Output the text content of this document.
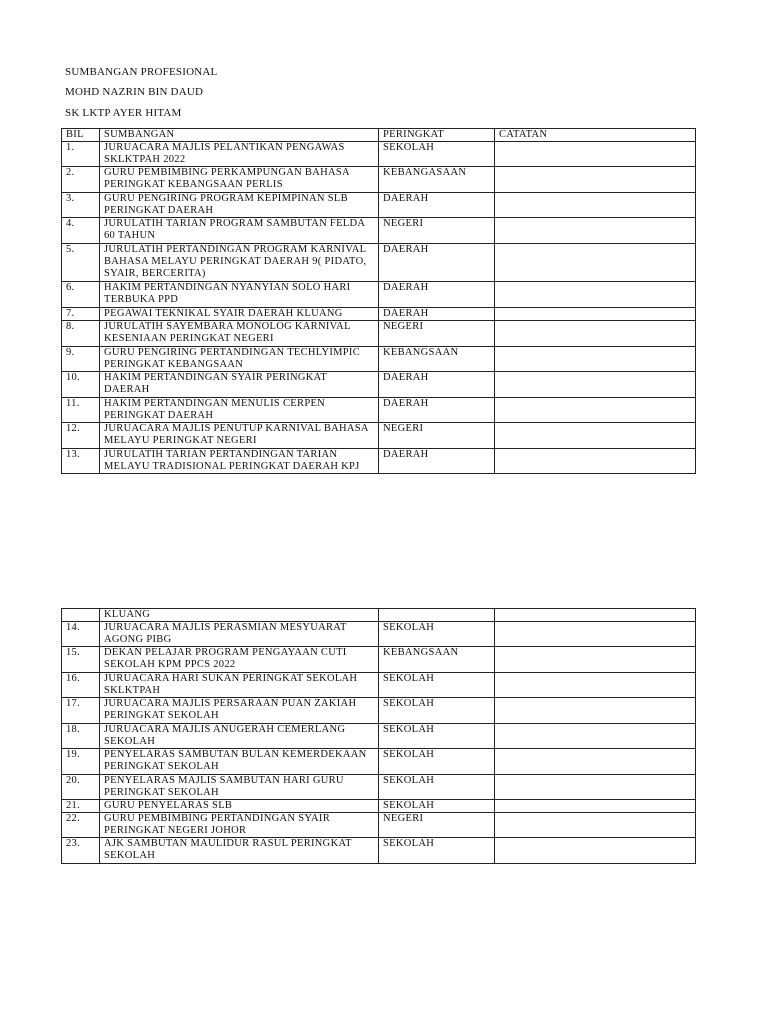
SUMBANGAN PROFESIONAL
MOHD NAZRIN BIN DAUD
SK LKTP AYER HITAM
BIL	SUMBANGAN	PERINGKAT	CATATAN
1.	JURUACARA MAJLIS PELANTIKAN PENGAWAS SKLKTPAH 2022	SEKOLAH	
2.	GURU PEMBIMBING PERKAMPUNGAN BAHASA PERINGKAT KEBANGSAAN PERLIS	KEBANGASAAN	
3.	GURU PENGIRING PROGRAM KEPIMPINAN SLB PERINGKAT DAERAH	DAERAH	
4.	JURULATIH TARIAN PROGRAM SAMBUTAN FELDA 60 TAHUN	NEGERI	
5.	JURULATIH PERTANDINGAN PROGRAM KARNIVAL BAHASA MELAYU PERINGKAT DAERAH 9( PIDATO, SYAIR, BERCERITA)	DAERAH	
6.	HAKIM PERTANDINGAN NYANYIAN SOLO HARI TERBUKA PPD	DAERAH	
7.	PEGAWAI TEKNIKAL SYAIR DAERAH KLUANG	DAERAH	
8.	JURULATIH SAYEMBARA MONOLOG KARNIVAL KESENIAAN PERINGKAT NEGERI	NEGERI	
9.	GURU PENGIRING PERTANDINGAN TECHLYIMPIC PERINGKAT KEBANGSAAN	KEBANGSAAN	
10.	HAKIM PERTANDINGAN SYAIR PERINGKAT DAERAH	DAERAH	
11.	HAKIM PERTANDINGAN MENULIS CERPEN PERINGKAT DAERAH	DAERAH	
12.	JURUACARA MAJLIS PENUTUP KARNIVAL BAHASA MELAYU PERINGKAT NEGERI	NEGERI	
13.	JURULATIH TARIAN PERTANDINGAN TARIAN MELAYU TRADISIONAL PERINGKAT DAERAH KPJ	DAERAH	
	KLUANG		
14.	JURUACARA MAJLIS PERASMIAN MESYUARAT AGONG PIBG	SEKOLAH	
15.	DEKAN PELAJAR PROGRAM PENGAYAAN CUTI SEKOLAH KPM PPCS 2022	KEBANGSAAN	
16.	JURUACARA HARI SUKAN PERINGKAT SEKOLAH SKLKTPAH	SEKOLAH	
17.	JURUACARA MAJLIS PERSARAAN PUAN ZAKIAH PERINGKAT SEKOLAH	SEKOLAH	
18.	JURUACARA MAJLIS ANUGERAH CEMERLANG SEKOLAH	SEKOLAH	
19.	PENYELARAS SAMBUTAN BULAN KEMERDEKAAN PERINGKAT SEKOLAH	SEKOLAH	
20.	PENYELARAS MAJLIS SAMBUTAN HARI GURU PERINGKAT SEKOLAH	SEKOLAH	
21.	GURU PENYELARAS SLB	SEKOLAH	
22.	GURU PEMBIMBING PERTANDINGAN SYAIR PERINGKAT NEGERI JOHOR	NEGERI	
23.	AJK SAMBUTAN MAULIDUR RASUL PERINGKAT SEKOLAH	SEKOLAH	
